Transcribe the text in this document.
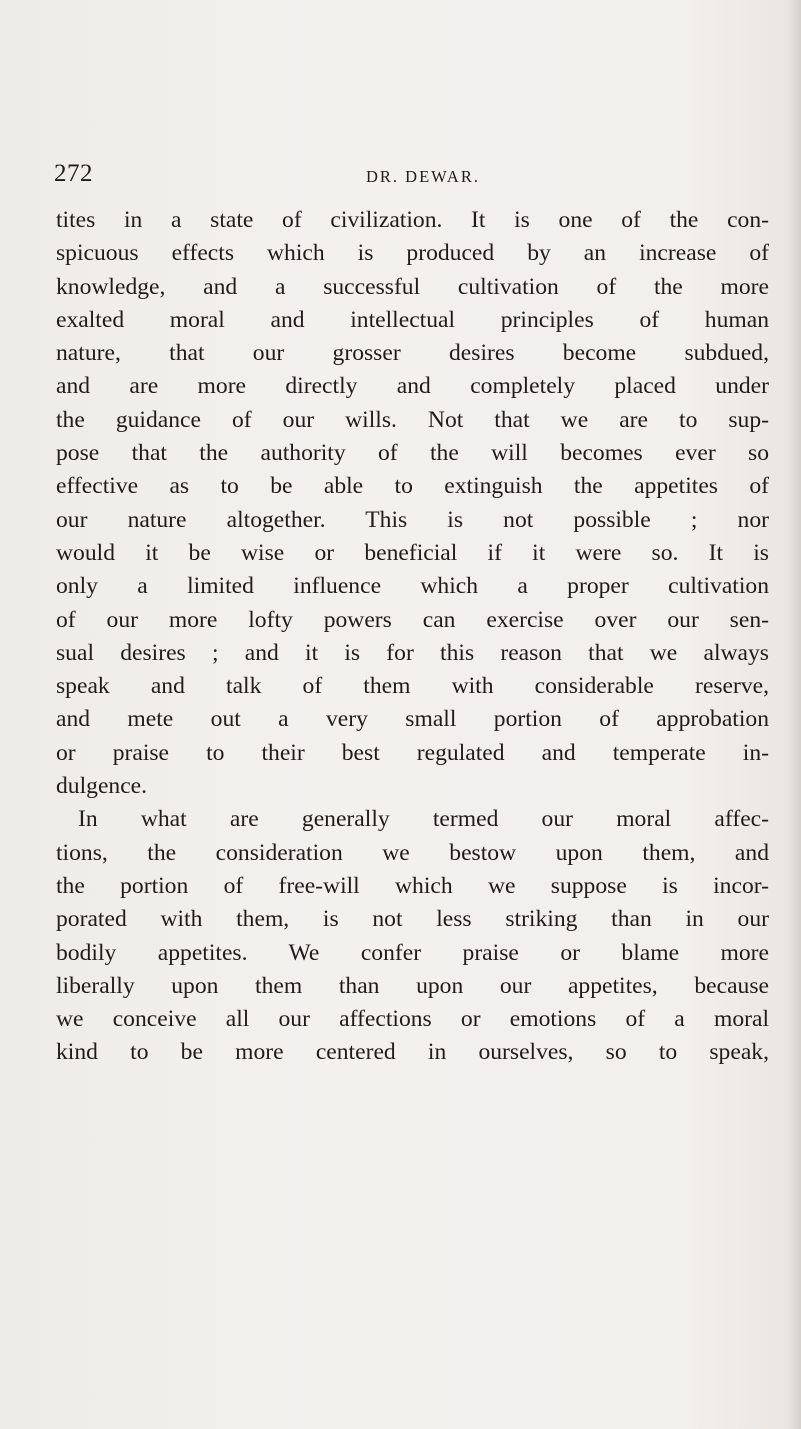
272	DR. DEWAR.
tites in a state of civilization. It is one of the con-
spicuous effects which is produced by an increase of
knowledge, and a successful cultivation of the more
exalted moral and intellectual principles of human
nature, that our grosser desires become subdued,
and are more directly and completely placed under
the guidance of our wills. Not that we are to sup-
pose that the authority of the will becomes ever so
effective as to be able to extinguish the appetites of
our nature altogether. This is not possible ; nor
would it be wise or beneficial if it were so. It is
only a limited influence which a proper cultivation
of our more lofty powers can exercise over our sen-
sual desires ; and it is for this reason that we always
speak and talk of them with considerable reserve,
and mete out a very small portion of approbation
or praise to their best regulated and temperate in-
dulgence.
In what are generally termed our moral affec-
tions, the consideration we bestow upon them, and
the portion of free-will which we suppose is incor-
porated with them, is not less striking than in our
bodily appetites. We confer praise or blame more
liberally upon them than upon our appetites, because
we conceive all our affections or emotions of a moral
kind to be more centered in ourselves, so to speak,
